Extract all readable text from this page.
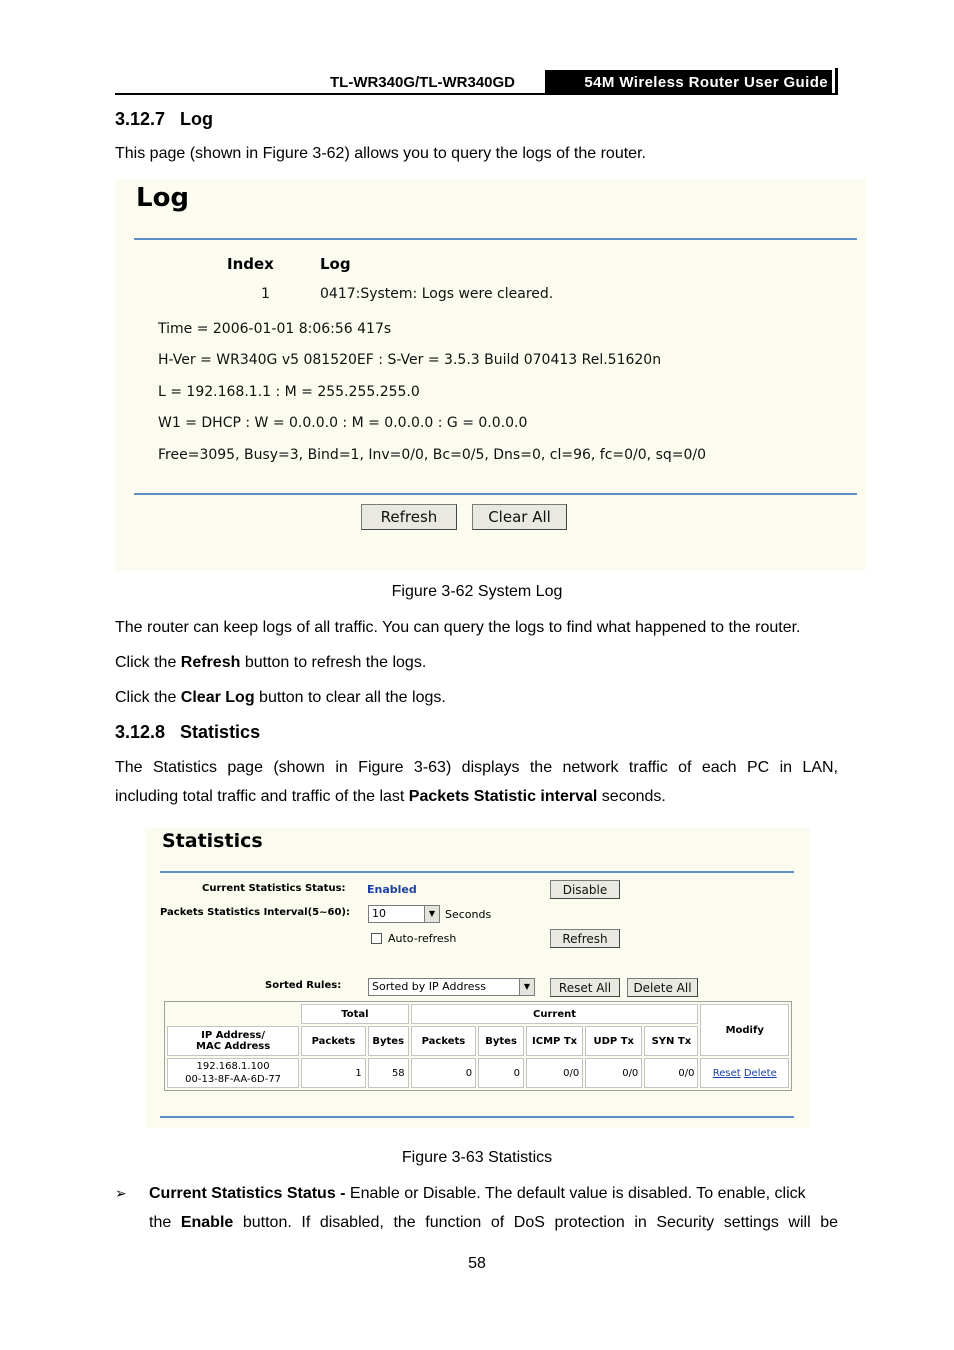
TL-WR340G/TL-WR340GD	54M Wireless Router User Guide
3.12.7 Log
This page (shown in Figure 3-62) allows you to query the logs of the router.
Log
Index	Log
1	0417:System: Logs were cleared.
Time = 2006-01-01 8:06:56 417s
H-Ver = WR340G v5 081520EF : S-Ver = 3.5.3 Build 070413 Rel.51620n
L = 192.168.1.1 : M = 255.255.255.0
W1 = DHCP : W = 0.0.0.0 : M = 0.0.0.0 : G = 0.0.0.0
Free=3095, Busy=3, Bind=1, Inv=0/0, Bc=0/5, Dns=0, cl=96, fc=0/0, sq=0/0
Refresh	Clear All
Figure 3-62 System Log
The router can keep logs of all traffic. You can query the logs to find what happened to the router.
Click the Refresh button to refresh the logs.
Click the Clear Log button to clear all the logs.
3.12.8 Statistics
The Statistics page (shown in Figure 3-63) displays the network traffic of each PC in LAN,
including total traffic and traffic of the last Packets Statistic interval seconds.
Statistics
Current Statistics Status: Enabled	Disable
Packets Statistics Interval(5~60):	10	▼ Seconds
Auto-refresh	Refresh
Sorted Rules:	Sorted by IP Address	▼	Reset All	Delete All
	Total		Current					Modify

IP Address/
MAC Address	Packets	Bytes	Packets	Bytes	ICMP Tx	UDP Tx	SYN Tx	

192.168.1.100
00-13-8F-AA-6D-77	1	58	0	0	0/0	0/0	0/0	Reset Delete
Figure 3-63 Statistics
➢ Current Statistics Status - Enable or Disable. The default value is disabled. To enable, click
the Enable button. If disabled, the function of DoS protection in Security settings will be
58
